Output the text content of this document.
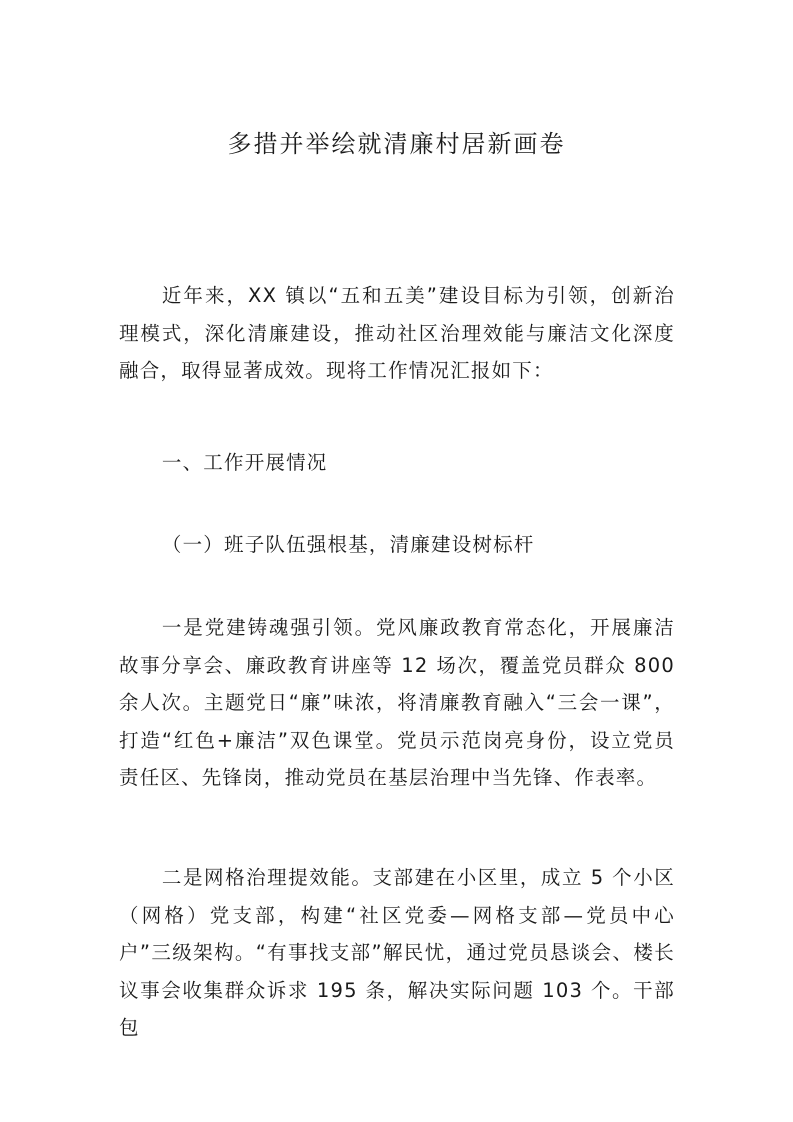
多措并举绘就清廉村居新画卷

近年来，XX 镇以“五和五美”建设目标为引领，创新治理模式，深化清廉建设，推动社区治理效能与廉洁文化深度融合，取得显著成效。现将工作情况汇报如下：

一、工作开展情况

（一）班子队伍强根基，清廉建设树标杆

一是党建铸魂强引领。党风廉政教育常态化，开展廉洁故事分享会、廉政教育讲座等 12 场次，覆盖党员群众 800 余人次。主题党日“廉”味浓，将清廉教育融入“三会一课”，打造“红色+廉洁”双色课堂。党员示范岗亮身份，设立党员责任区、先锋岗，推动党员在基层治理中当先锋、作表率。

二是网格治理提效能。支部建在小区里，成立 5 个小区（网格）党支部，构建“社区党委—网格支部—党员中心户”三级架构。“有事找支部”解民忧，通过党员恳谈会、楼长议事会收集群众诉求 195 条，解决实际问题 103 个。干部包
